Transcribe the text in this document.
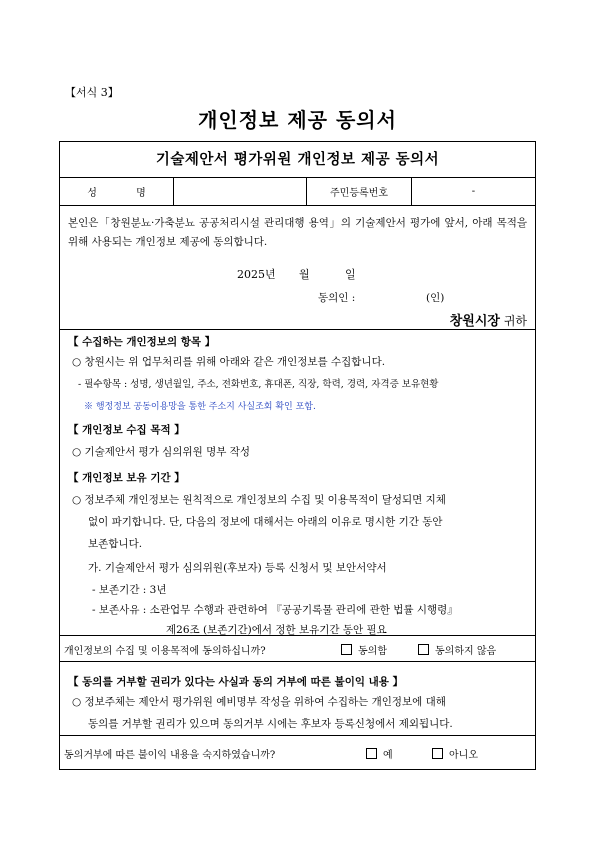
【서식 3】
개인정보 제공 동의서
기술제안서 평가위원 개인정보 제공 동의서
성 명	주민등록번호	-
본인은「창원분뇨·가축분뇨 공공처리시설 관리대행 용역」의 기술제안서 평가에 앞서, 아래 목적을 위해 사용되는 개인정보 제공에 동의합니다.
2025년 월	일
동의인 :	(인)
창원시장 귀하
【 수집하는 개인정보의 항목 】
○ 창원시는 위 업무처리를 위해 아래와 같은 개인정보를 수집합니다.
- 필수항목 : 성명, 생년월일, 주소, 전화번호, 휴대폰, 직장, 학력, 경력, 자격증 보유현황
※ 행정정보 공동이용망을 통한 주소지 사실조회 확인 포함.
【 개인정보 수집 목적 】
○ 기술제안서 평가 심의위원 명부 작성
【 개인정보 보유 기간 】
○ 정보주체 개인정보는 원칙적으로 개인정보의 수집 및 이용목적이 달성되면 지체
없이 파기합니다. 단, 다음의 정보에 대해서는 아래의 이유로 명시한 기간 동안
보존합니다.
가. 기술제안서 평가 심의위원(후보자) 등록 신청서 및 보안서약서
- 보존기간 : 3년
- 보존사유 : 소관업무 수행과 관련하여 『공공기록물 관리에 관한 법률 시행령』
제26조 (보존기간)에서 정한 보유기간 동안 필요
개인정보의 수집 및 이용목적에 동의하십니까?	동의함	동의하지 않음
【 동의를 거부할 권리가 있다는 사실과 동의 거부에 따른 불이익 내용 】
○ 정보주체는 제안서 평가위원 예비명부 작성을 위하여 수집하는 개인정보에 대해
동의를 거부할 권리가 있으며 동의거부 시에는 후보자 등록신청에서 제외됩니다.
동의거부에 따른 불이익 내용을 숙지하였습니까?	예	아니오
